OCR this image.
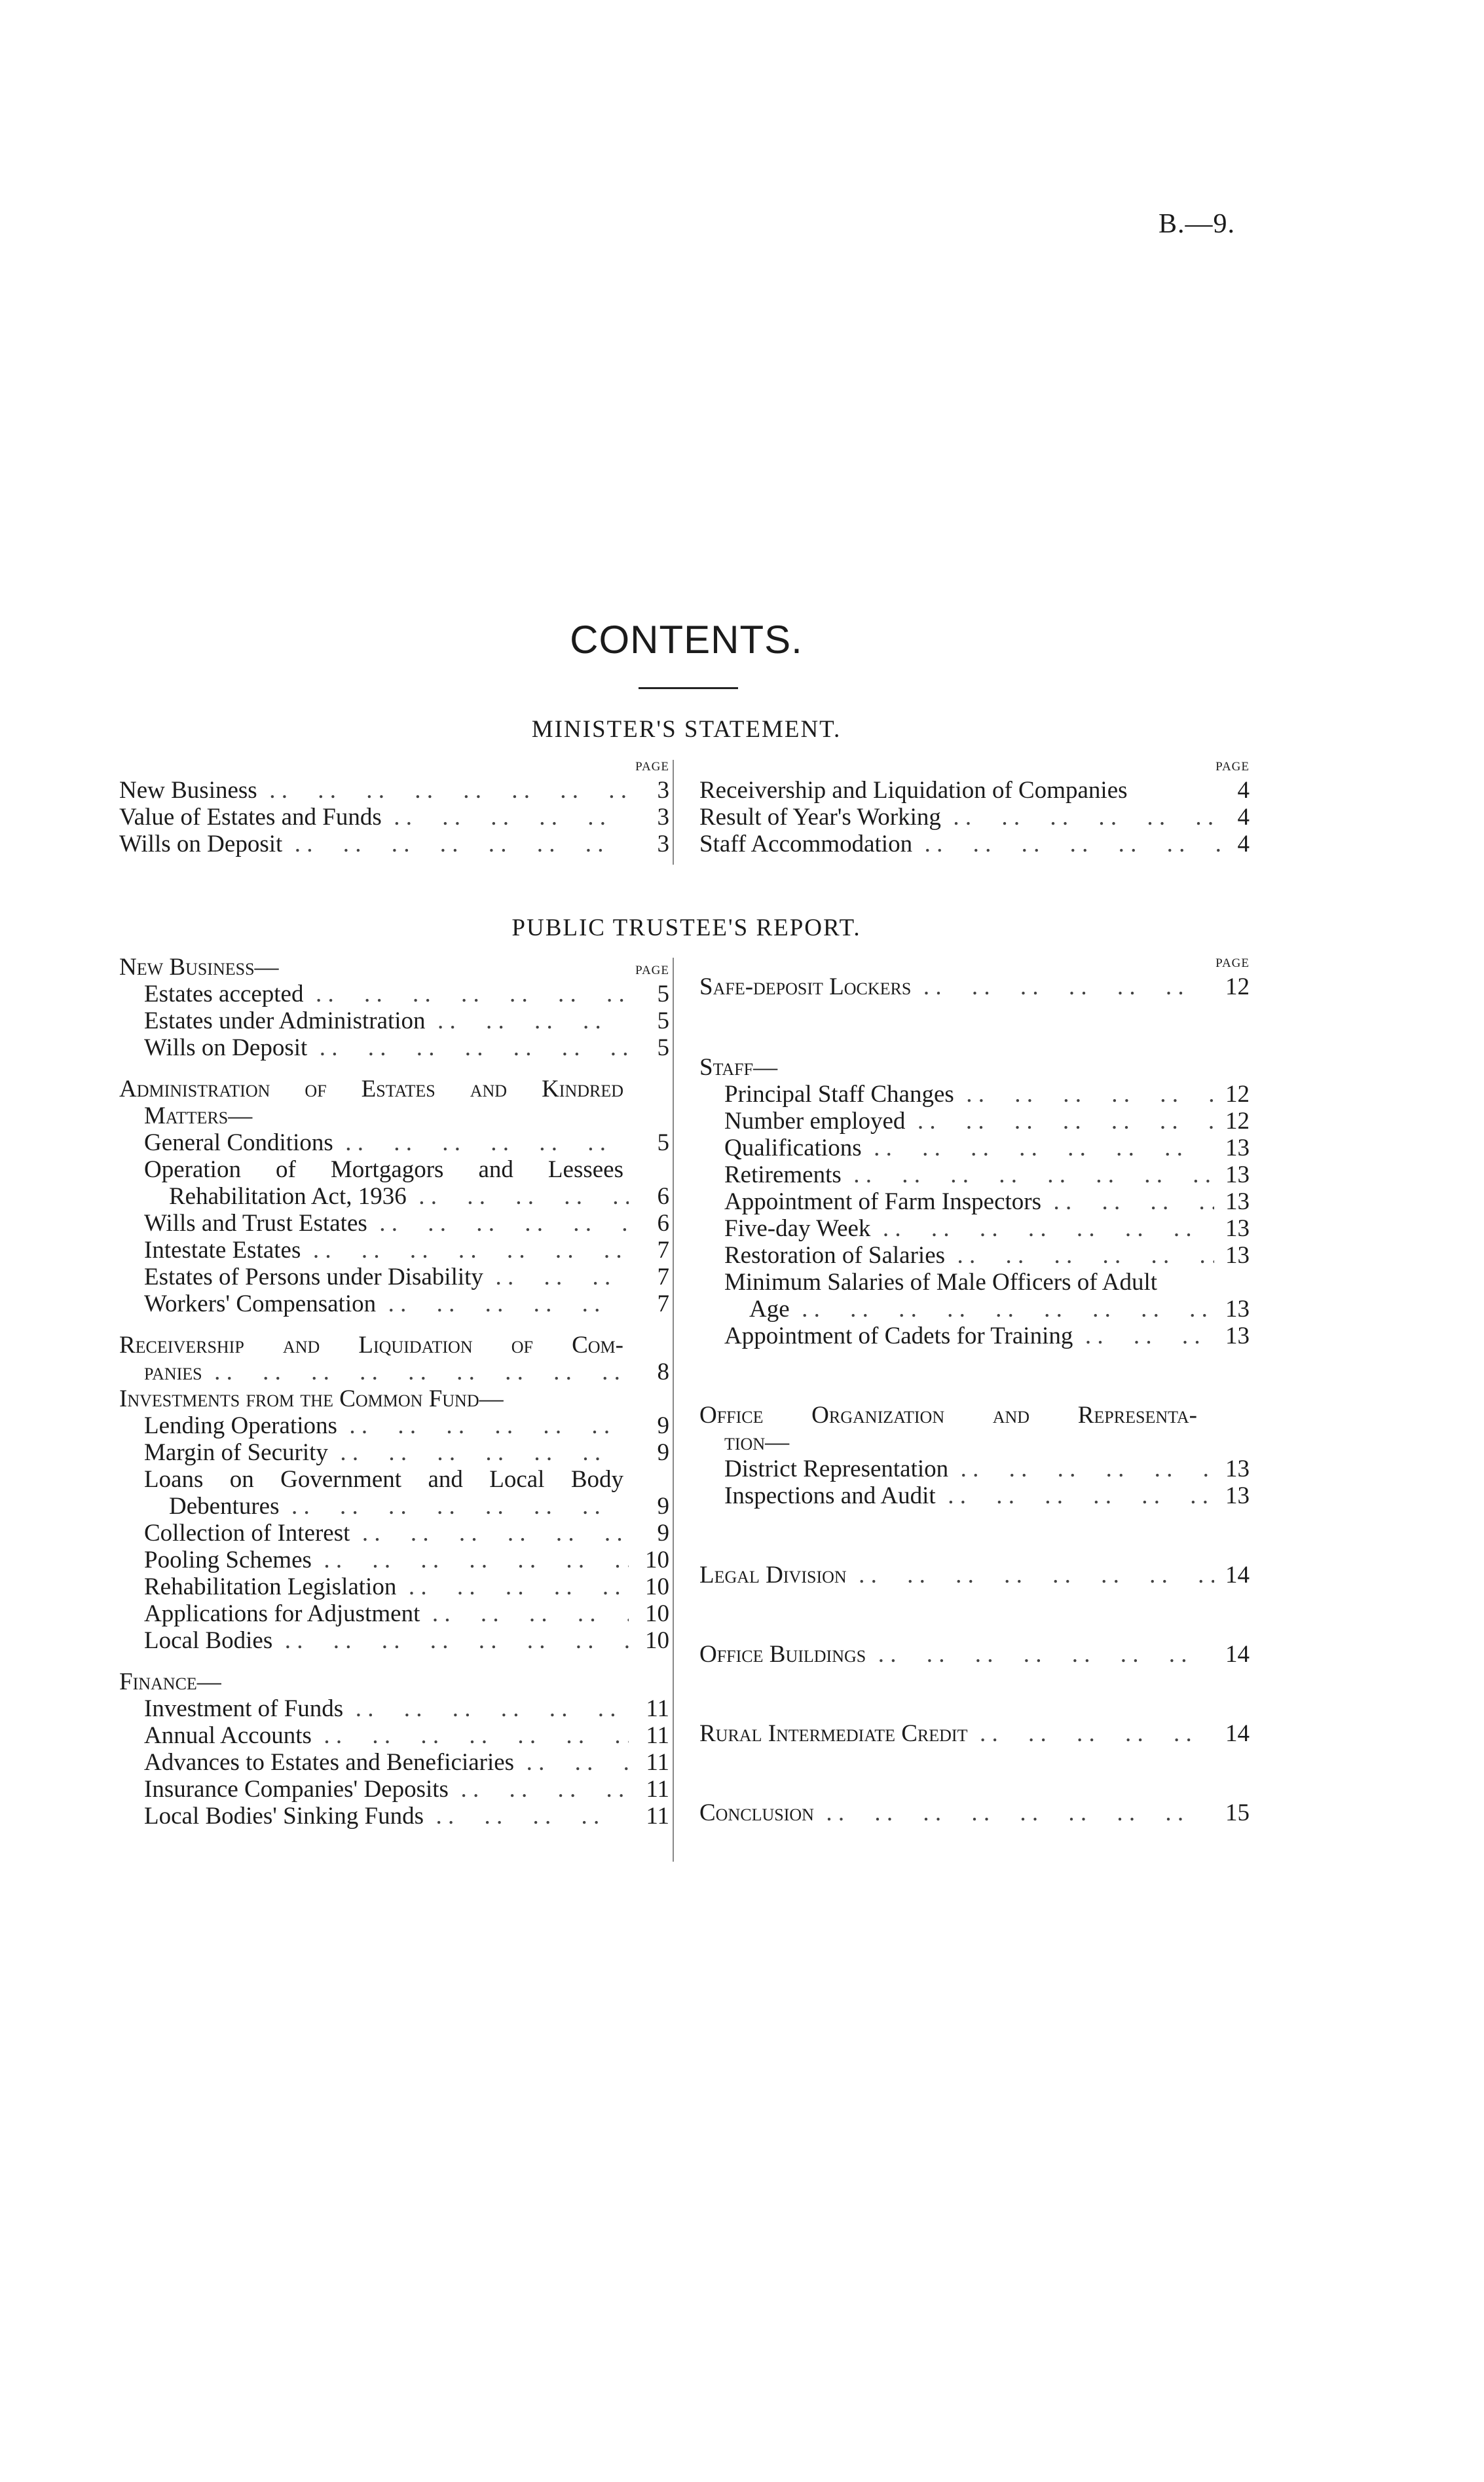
B.—9.
CONTENTS.
MINISTER'S STATEMENT.
PAGE
New Business . .	3
Value of Estates and Funds . .	3
Wills on Deposit . .	3
PAGE
Receivership and Liquidation of Companies	4
Result of Year's Working . .	4
Staff Accommodation . .	4
PUBLIC TRUSTEE'S REPORT.
New Business—	PAGE
Estates accepted . .	5
Estates under Administration . .	5
Wills on Deposit . .	5
Administration of Estates and Kindred
Matters—
General Conditions . .	5
Operation of Mortgagors and Lessees
Rehabilitation Act, 1936 . .	6
Wills and Trust Estates . .	6
Intestate Estates . .	7
Estates of Persons under Disability . .	7
Workers' Compensation . .	7
Receivership and Liquidation of Com-
panies . .	8
Investments from the Common Fund—
Lending Operations . .	9
Margin of Security . .	9
Loans on Government and Local Body
Debentures . .	9
Collection of Interest . .	9
Pooling Schemes . .	10
Rehabilitation Legislation . .	10
Applications for Adjustment . .	10
Local Bodies . .	10
Finance—
Investment of Funds . .	11
Annual Accounts . .	11
Advances to Estates and Beneficiaries . .	11
Insurance Companies' Deposits . .	11
Local Bodies' Sinking Funds . .	11
PAGE
Safe-deposit Lockers . .	12
Staff—
Principal Staff Changes . .	12
Number employed . .	12
Qualifications . .	13
Retirements . .	13
Appointment of Farm Inspectors . .	13
Five-day Week . .	13
Restoration of Salaries . .	13
Minimum Salaries of Male Officers of Adult
Age . .	13
Appointment of Cadets for Training . .	13
Office Organization and Representa-
tion—
District Representation . .	13
Inspections and Audit . .	13
Legal Division . .	14
Office Buildings . .	14
Rural Intermediate Credit . .	14
Conclusion . .	15
